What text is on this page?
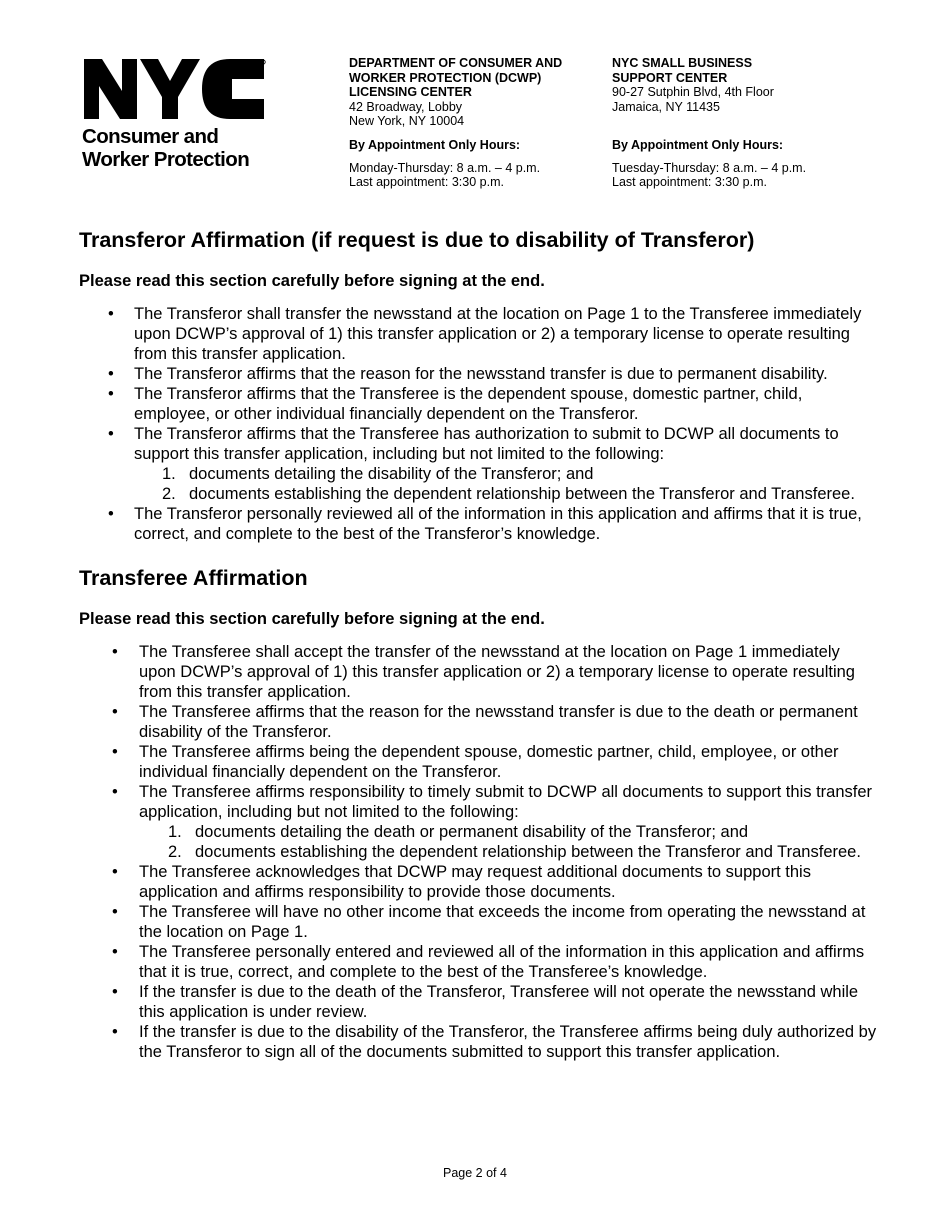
R
Consumer and
Worker Protection
DEPARTMENT OF CONSUMER AND
WORKER PROTECTION (DCWP)
LICENSING CENTER
42 Broadway, Lobby
New York, NY 10004
By Appointment Only Hours:
Monday-Thursday: 8 a.m. – 4 p.m.
Last appointment: 3:30 p.m.
NYC SMALL BUSINESS
SUPPORT CENTER
90-27 Sutphin Blvd, 4th Floor
Jamaica, NY 11435
By Appointment Only Hours:
Tuesday-Thursday: 8 a.m. – 4 p.m.
Last appointment: 3:30 p.m.
Transferor Affirmation (if request is due to disability of Transferor)
Please read this section carefully before signing at the end.
• The Transferor shall transfer the newsstand at the location on Page 1 to the Transferee immediately upon DCWP’s approval of 1) this transfer application or 2) a temporary license to operate resulting from this transfer application.
• The Transferor affirms that the reason for the newsstand transfer is due to permanent disability.
• The Transferor affirms that the Transferee is the dependent spouse, domestic partner, child, employee, or other individual financially dependent on the Transferor.
• The Transferor affirms that the Transferee has authorization to submit to DCWP all documents to support this transfer application, including but not limited to the following:
1. documents detailing the disability of the Transferor; and
2. documents establishing the dependent relationship between the Transferor and Transferee.
• The Transferor personally reviewed all of the information in this application and affirms that it is true, correct, and complete to the best of the Transferor’s knowledge.
Transferee Affirmation
Please read this section carefully before signing at the end.
• The Transferee shall accept the transfer of the newsstand at the location on Page 1 immediately upon DCWP’s approval of 1) this transfer application or 2) a temporary license to operate resulting from this transfer application.
• The Transferee affirms that the reason for the newsstand transfer is due to the death or permanent disability of the Transferor.
• The Transferee affirms being the dependent spouse, domestic partner, child, employee, or other individual financially dependent on the Transferor.
• The Transferee affirms responsibility to timely submit to DCWP all documents to support this transfer application, including but not limited to the following:
1. documents detailing the death or permanent disability of the Transferor; and
2. documents establishing the dependent relationship between the Transferor and Transferee.
• The Transferee acknowledges that DCWP may request additional documents to support this application and affirms responsibility to provide those documents.
• The Transferee will have no other income that exceeds the income from operating the newsstand at the location on Page 1.
• The Transferee personally entered and reviewed all of the information in this application and affirms that it is true, correct, and complete to the best of the Transferee’s knowledge.
• If the transfer is due to the death of the Transferor, Transferee will not operate the newsstand while this application is under review.
• If the transfer is due to the disability of the Transferor, the Transferee affirms being duly authorized by the Transferor to sign all of the documents submitted to support this transfer application.
Page 2 of 4
